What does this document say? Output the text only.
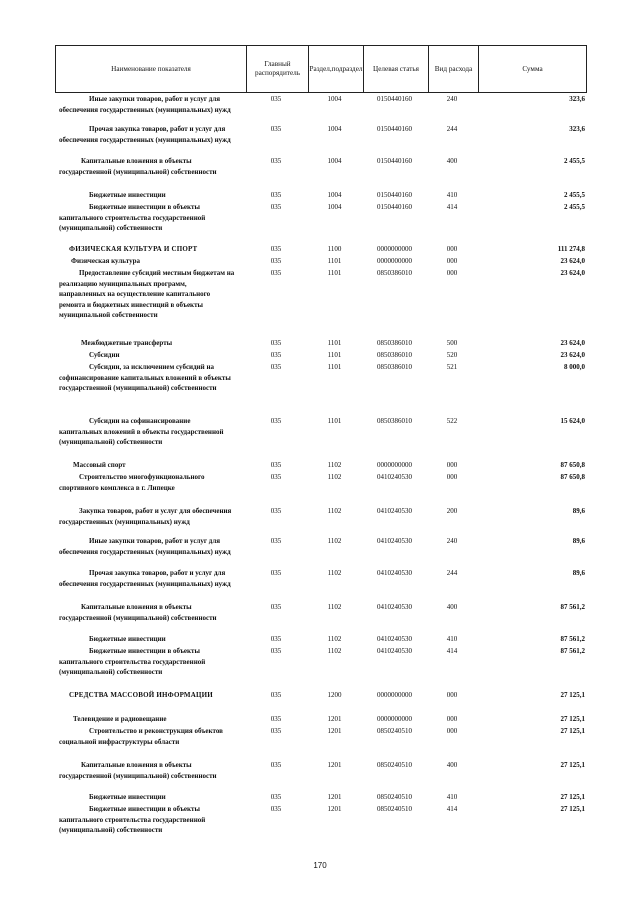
Наименование показателя
Главный распорядитель
Раздел,подраздел	Целевая статья	Вид расхода	Сумма
Иные закупки товаров, работ и услуг для обеспечения государственных (муниципальных) нужд
035	1004	0150440160	240	323,6
Прочая закупка товаров, работ и услуг для обеспечения государственных (муниципальных) нужд
035	1004	0150440160	244	323,6
Капитальные вложения в объекты государственной (муниципальной) собственности
035	1004	0150440160	400	2 455,5
Бюджетные инвестиции	035	1004	0150440160	410	2 455,5
Бюджетные инвестиции в объекты капитального строительства государственной (муниципальной) собственности
035	1004	0150440160	414	2 455,5
ФИЗИЧЕСКАЯ КУЛЬТУРА И СПОРТ	035	1100	0000000000	000	111 274,8
Физическая культура	035	1101	0000000000	000	23 624,0
Предоставление субсидий местным бюджетам на реализацию муниципальных программ, направленных на осуществление капитального ремонта и бюджетных инвестиций в объекты муниципальной собственности
035	1101	0850386010	000	23 624,0
Межбюджетные трансферты	035	1101	0850386010	500	23 624,0
Субсидии	035	1101	0850386010	520	23 624,0
Субсидии, за исключением субсидий на софинансирование капитальных вложений в объекты государственной (муниципальной) собственности
035	1101	0850386010	521	8 000,0
Субсидии на софинансирование капитальных вложений в объекты государственной (муниципальной) собственности
035	1101	0850386010	522	15 624,0
Массовый спорт	035	1102	0000000000	000	87 650,8
Строительство многофункционального спортивного комплекса в г. Липецке
035	1102	0410240530	000	87 650,8
Закупка товаров, работ и услуг для обеспечения государственных (муниципальных) нужд
035	1102	0410240530	200	89,6
Иные закупки товаров, работ и услуг для обеспечения государственных (муниципальных) нужд
035	1102	0410240530	240	89,6
Прочая закупка товаров, работ и услуг для обеспечения государственных (муниципальных) нужд
035	1102	0410240530	244	89,6
Капитальные вложения в объекты государственной (муниципальной) собственности
035	1102	0410240530	400	87 561,2
Бюджетные инвестиции	035	1102	0410240530	410	87 561,2
Бюджетные инвестиции в объекты капитального строительства государственной (муниципальной) собственности
035	1102	0410240530	414	87 561,2
СРЕДСТВА МАССОВОЙ ИНФОРМАЦИИ	035	1200	0000000000	000	27 125,1
Телевидение и радиовещание	035	1201	0000000000	000	27 125,1
Строительство и реконструкция объектов социальной инфраструктуры области
035	1201	0850240510	000	27 125,1
Капитальные вложения в объекты государственной (муниципальной) собственности
035	1201	0850240510	400	27 125,1
Бюджетные инвестиции	035	1201	0850240510	410	27 125,1
Бюджетные инвестиции в объекты капитального строительства государственной (муниципальной) собственности
035	1201	0850240510	414	27 125,1
170
